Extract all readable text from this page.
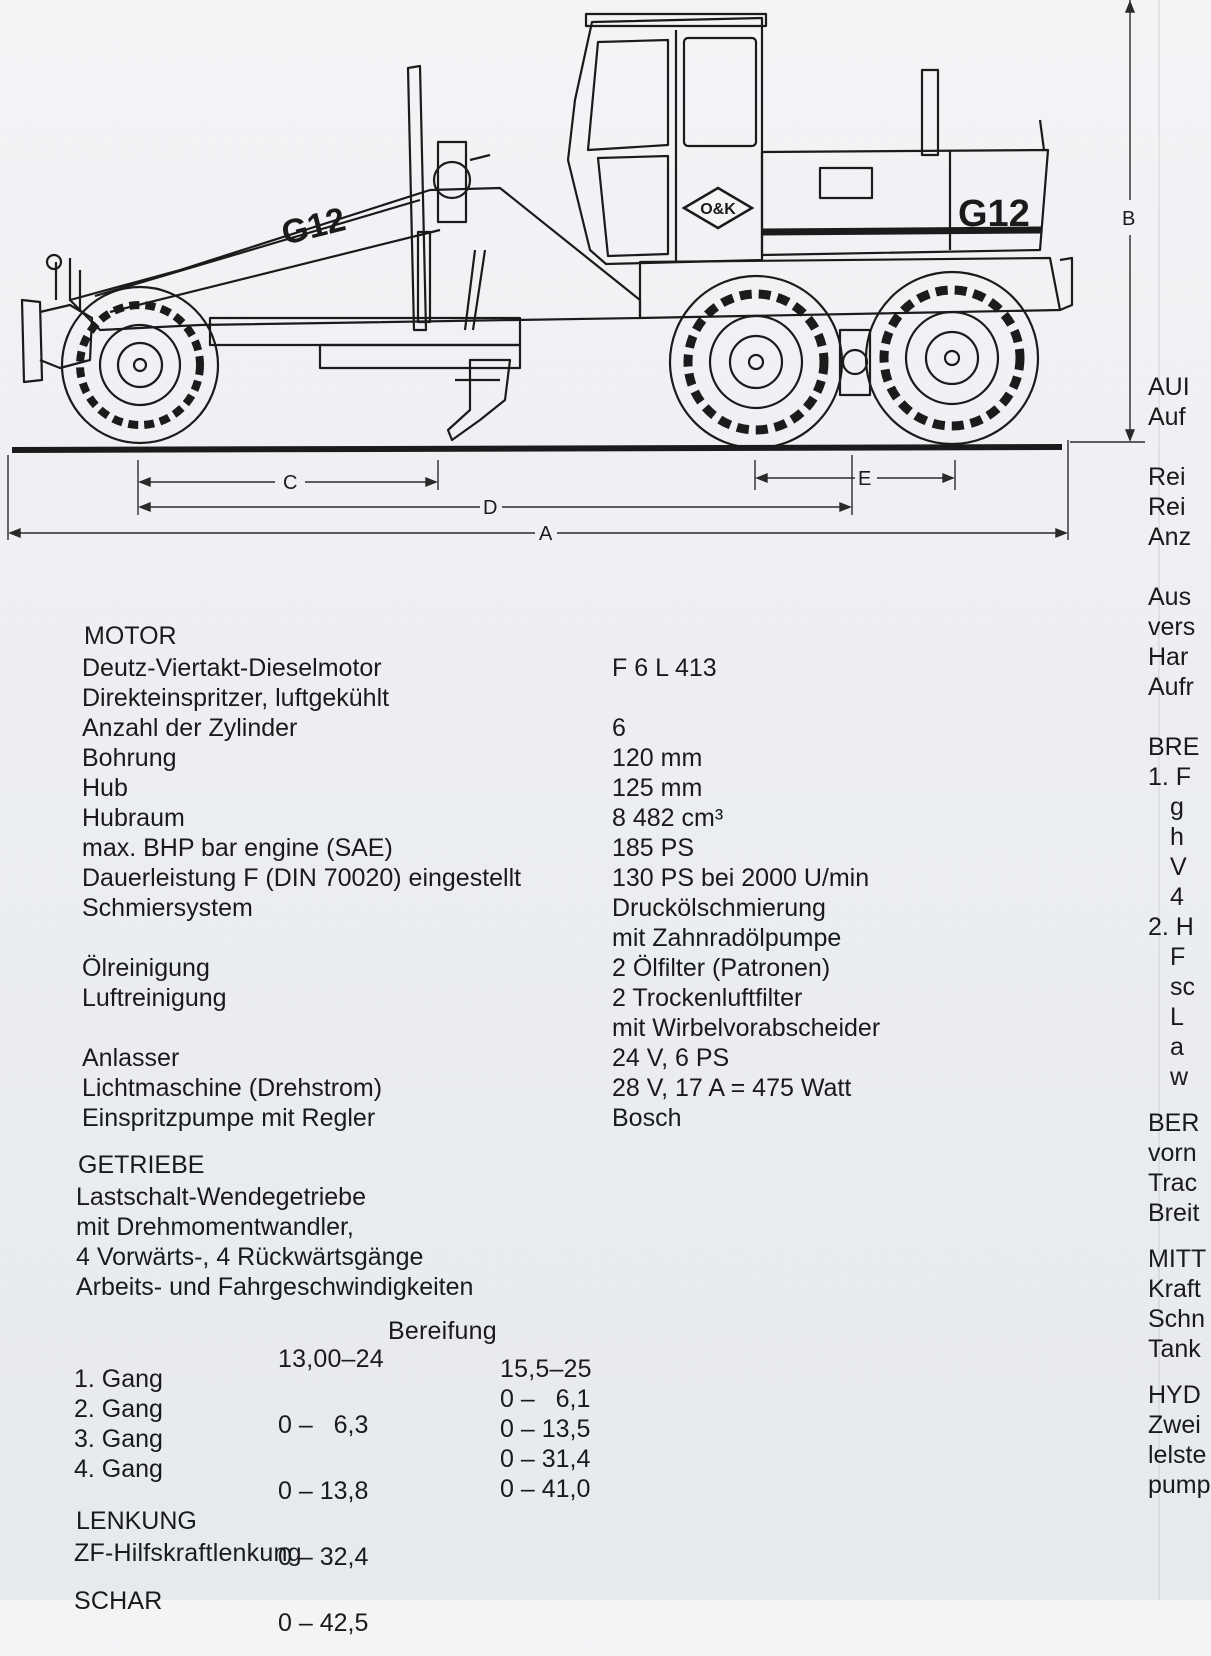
O&K
G12	G12
C
D
A
E
B
MOTOR
Deutz-Viertakt-Dieselmotor
Direkteinspritzer, luftgekühlt
Anzahl der Zylinder
Bohrung
Hub
Hubraum
max. BHP bar engine (SAE)
Dauerleistung F (DIN 70020) eingestellt
Schmiersystem
Ölreinigung
Luftreinigung
Anlasser
Lichtmaschine (Drehstrom)
Einspritzpumpe mit Regler
F 6 L 413
6
120 mm
125 mm
8 482 cm³
185 PS
130 PS bei 2000 U/min
Druckölschmierung
mit Zahnradölpumpe
2 Ölfilter (Patronen)
2 Trockenluftfilter
mit Wirbelvorabscheider
24 V, 6 PS
28 V, 17 A = 475 Watt
Bosch
GETRIEBE
Lastschalt-Wendegetriebe
mit Drehmomentwandler,
4 Vorwärts-, 4 Rückwärtsgänge
Arbeits- und Fahrgeschwindigkeiten
Bereifung
13,00–24	15,5–25
1. Gang
2. Gang
3. Gang
4. Gang

0 –   6,3

0 – 13,8

0 – 32,4

0 – 42,5

0 –   6,1
0 – 13,5
0 – 31,4
0 – 41,0
LENKUNG
ZF-Hilfskraftlenkung
SCHAR
AUI
Auf
Rei
Rei
Anz
Aus
vers
Har
Aufr
BRE
1. F
g
h
V
4
2. H
F
sc
L
a
w
BER
vorn
Trac
Breit
MITT
Kraft
Schn
Tank
HYD
Zwei
lelste
pump
